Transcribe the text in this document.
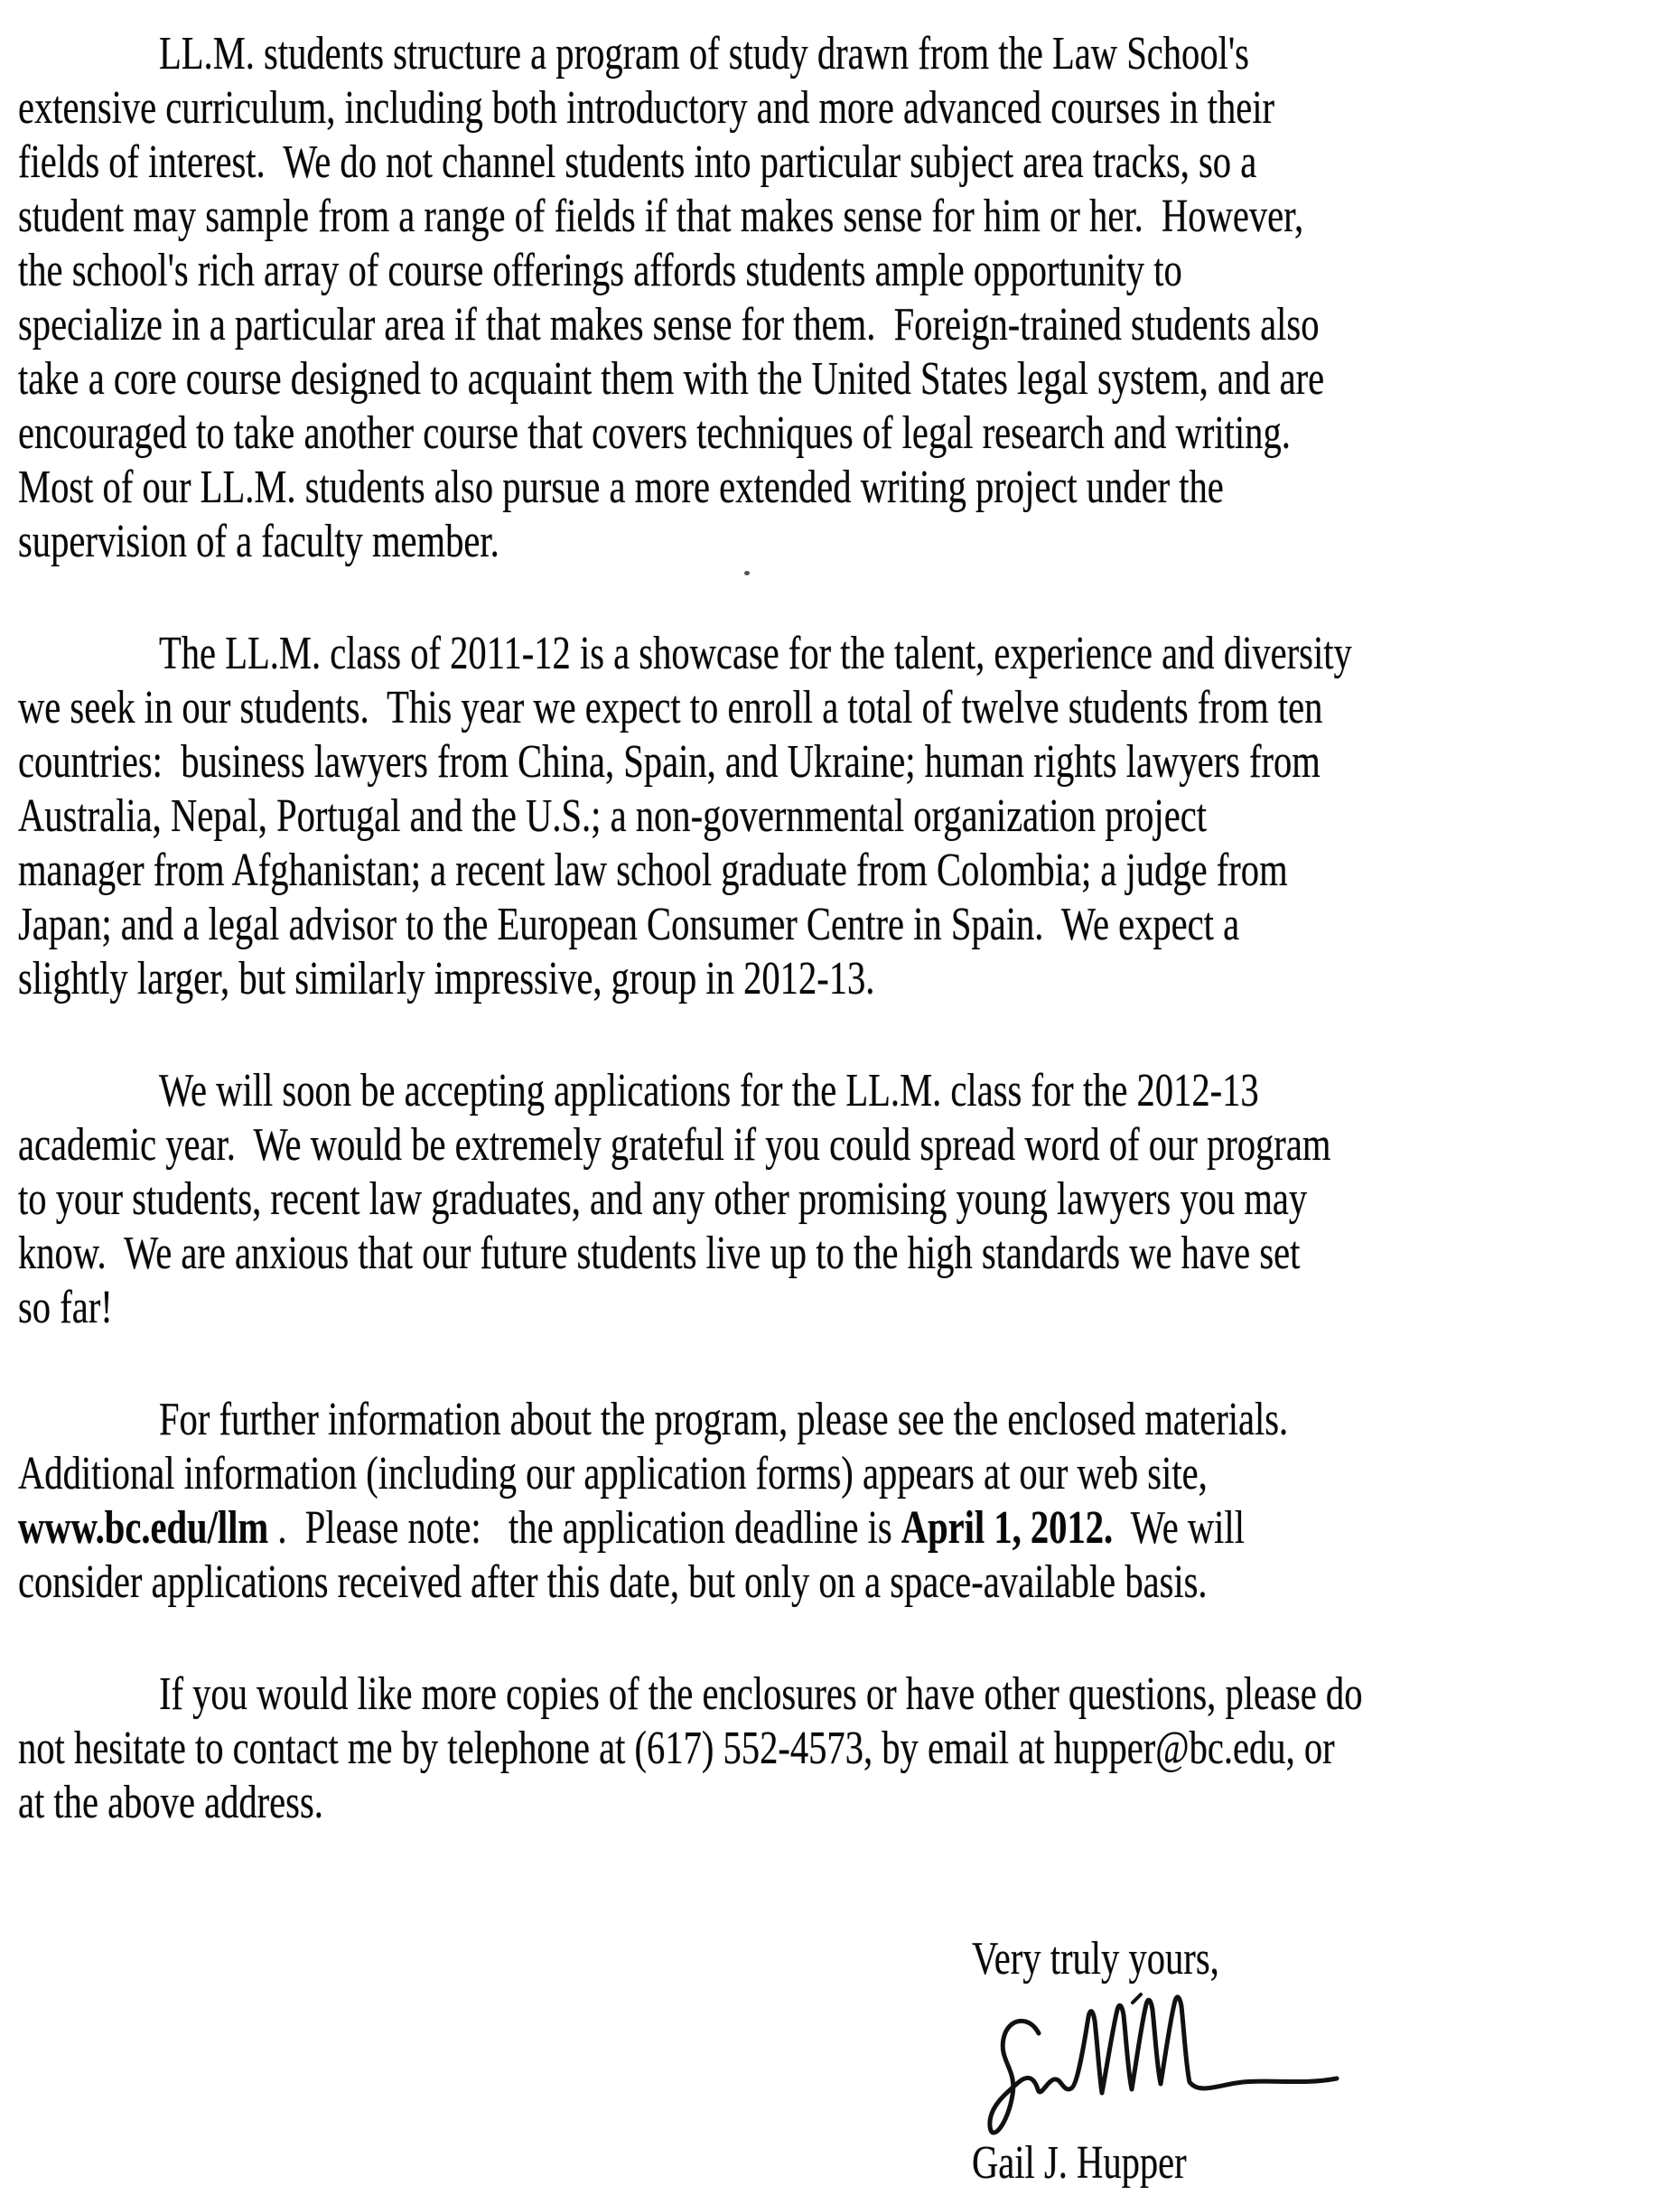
LL.M. students structure a program of study drawn from the Law School's
extensive curriculum, including both introductory and more advanced courses in their
fields of interest.  We do not channel students into particular subject area tracks, so a
student may sample from a range of fields if that makes sense for him or her.  However,
the school's rich array of course offerings affords students ample opportunity to
specialize in a particular area if that makes sense for them.  Foreign-trained students also
take a core course designed to acquaint them with the United States legal system, and are
encouraged to take another course that covers techniques of legal research and writing.
Most of our LL.M. students also pursue a more extended writing project under the
supervision of a faculty member.

The LL.M. class of 2011-12 is a showcase for the talent, experience and diversity
we seek in our students.  This year we expect to enroll a total of twelve students from ten
countries:  business lawyers from China, Spain, and Ukraine; human rights lawyers from
Australia, Nepal, Portugal and the U.S.; a non-governmental organization project
manager from Afghanistan; a recent law school graduate from Colombia; a judge from
Japan; and a legal advisor to the European Consumer Centre in Spain.  We expect a
slightly larger, but similarly impressive, group in 2012-13.

We will soon be accepting applications for the LL.M. class for the 2012-13
academic year.  We would be extremely grateful if you could spread word of our program
to your students, recent law graduates, and any other promising young lawyers you may
know.  We are anxious that our future students live up to the high standards we have set
so far!

For further information about the program, please see the enclosed materials.
Additional information (including our application forms) appears at our web site,
www.bc.edu/llm .  Please note:   the application deadline is April 1, 2012.  We will
consider applications received after this date, but only on a space-available basis.

If you would like more copies of the enclosures or have other questions, please do
not hesitate to contact me by telephone at (617) 552-4573, by email at hupper@bc.edu, or
at the above address.

Very truly yours,
Gail J. Hupper
